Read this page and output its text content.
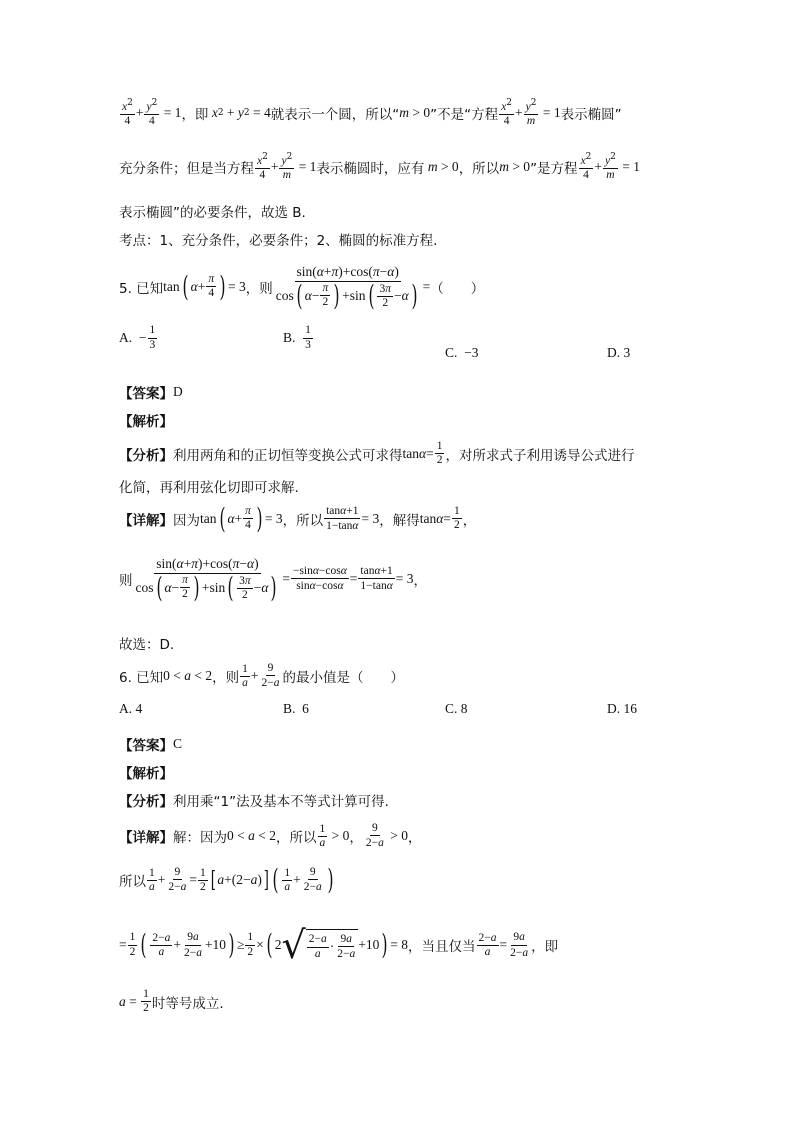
$\frac{x^2}{4} + \frac{y^2}{4} = 1$ ，即 x 2 + y 2 = 4 就表示一个圆，所以“ m > 0 ”不是“方程 $\frac{x^2}{4} + \frac{y^2}{m} = 1$ 表示椭圆”
充分条件；但是当方程 $\frac{x^2}{4} + \frac{y^2}{m} = 1$ 表示椭圆时，应有 m > 0 ，所以 m > 0 ”是方程 $\frac{x^2}{4} + \frac{y^2}{m} = 1$
表示椭圆”的必要条件，故选 B.
考点：1、充分条件，必要条件；2、椭圆的标准方程.
5. 已知 tan ( $\alpha + \frac{\pi}{4}$ ) = 3 ，则 $\frac{\sin(\alpha+\pi)+\cos(\pi-\alpha)}{\cos ( \alpha - \frac{\pi}{2} ) +\sin ( \frac{3\pi}{2} - \alpha )}$ = （　　）
A. − $\frac{1}{3}$	B.
$\frac{1}{3}$
C. −3	D. 3
【答案】 D
【解析】
【分析】 利用两角和的正切恒等变换公式可求得 $\tan \alpha = \frac{1}{2}$ ，对所求式子利用诱导公式进行
化简，再利用弦化切即可求解.
【详解】 因为 tan ( $\alpha + \frac{\pi}{4}$ ) = 3 ，所以 $\frac{\tan\alpha+1}{1-\tan\alpha} = 3$ ，解得 $\tan \alpha = \frac{1}{2}$ ，
则 $\frac{\sin(\alpha+\pi)+\cos(\pi-\alpha)}{\cos ( \alpha - \frac{\pi}{2} ) +\sin ( \frac{3\pi}{2} - \alpha )} = \frac{-\sin\alpha-\cos\alpha}{\sin\alpha-\cos\alpha} = \frac{\tan\alpha+1}{1-\tan\alpha} = 3$ ，
故选：D.
6. 已知 0 < a < 2 ，则 $\frac{1}{a} + \frac{9}{2-a}$ 的最小值是（　　）
A. 4	B. 6	C. 8	D. 16
【答案】 C
【解析】
【分析】 利用乘“1”法及基本不等式计算可得.
【详解】 解：因为 0 < a < 2 ，所以 $\frac{1}{a} > 0$ ， $\frac{9}{2-a} > 0$ ，
所以 $\frac{1}{a} + \frac{9}{2-a} = \frac{1}{2}$ [ a +(2− a ) ] ( $\frac{1}{a} + \frac{9}{2-a}$ )
= $\frac{1}{2}$ ( $\frac{2-a}{a} + \frac{9a}{2-a} +10$ ) ≥ $\frac{1}{2}$ × ( 2 √ $\frac{2-a}{a} \cdot \frac{9a}{2-a} +10$ ) = 8 ，当且仅当 $\frac{2-a}{a} = \frac{9a}{2-a}$ ，即
$a = \frac{1}{2}$ 时等号成立.
